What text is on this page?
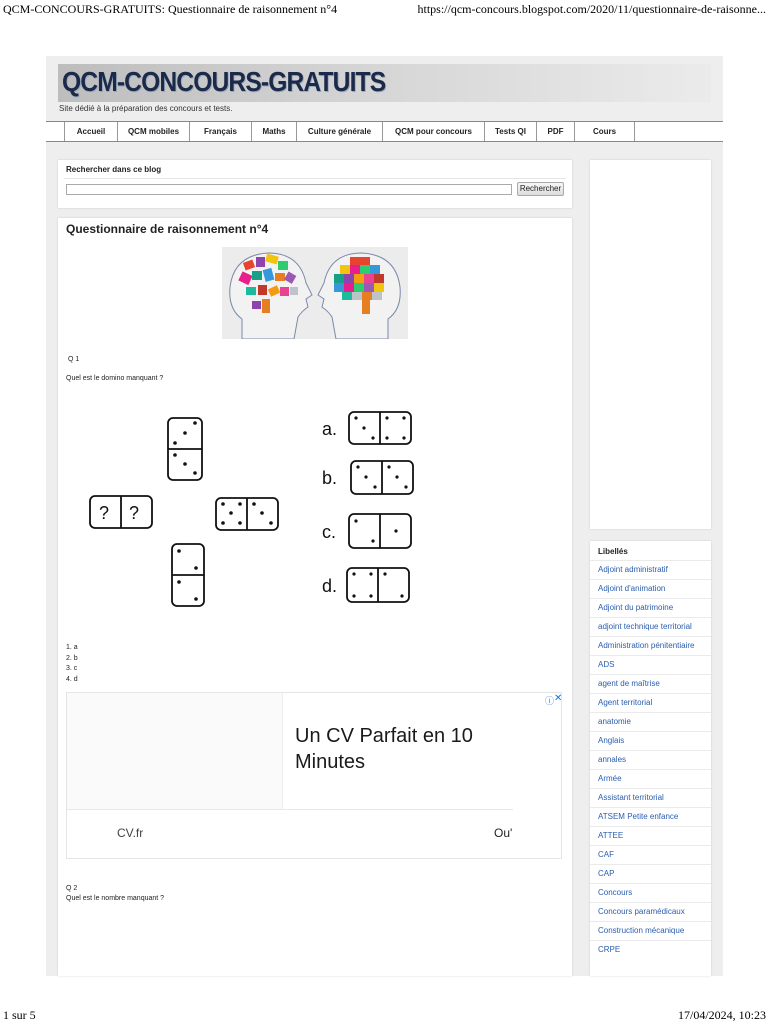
QCM-CONCOURS-GRATUITS: Questionnaire de raisonnement n°4	https://qcm-concours.blogspot.com/2020/11/questionnaire-de-raisonne...
QCM-CONCOURS-GRATUITS
Site dédié à la préparation des concours et tests.
Accueil	QCM mobiles	Français	Maths	Culture générale	QCM pour concours	Tests QI	PDF	Cours
Rechercher dans ce blog
Rechercher
Questionnaire de raisonnement n°4
Q 1
Quel est le domino manquant ?
? ?
a.
b.
c.
d.
1. a
2. b
3. c
4. d
Un CV Parfait en 10 Minutes
CV.fr	Ou'
ⓘ ✕
Q 2
Quel est le nombre manquant ?
Libellés
Adjoint administratif
Adjoint d'animation
Adjoint du patrimoine
adjoint technique territorial
Administration pénitentiaire
ADS
agent de maîtrise
Agent territorial
anatomie
Anglais
annales
Armée
Assistant territorial
ATSEM Petite enfance
ATTEE
CAF
CAP
Concours
Concours paramédicaux
Construction mécanique
CRPE
1 sur 5	17/04/2024, 10:23
